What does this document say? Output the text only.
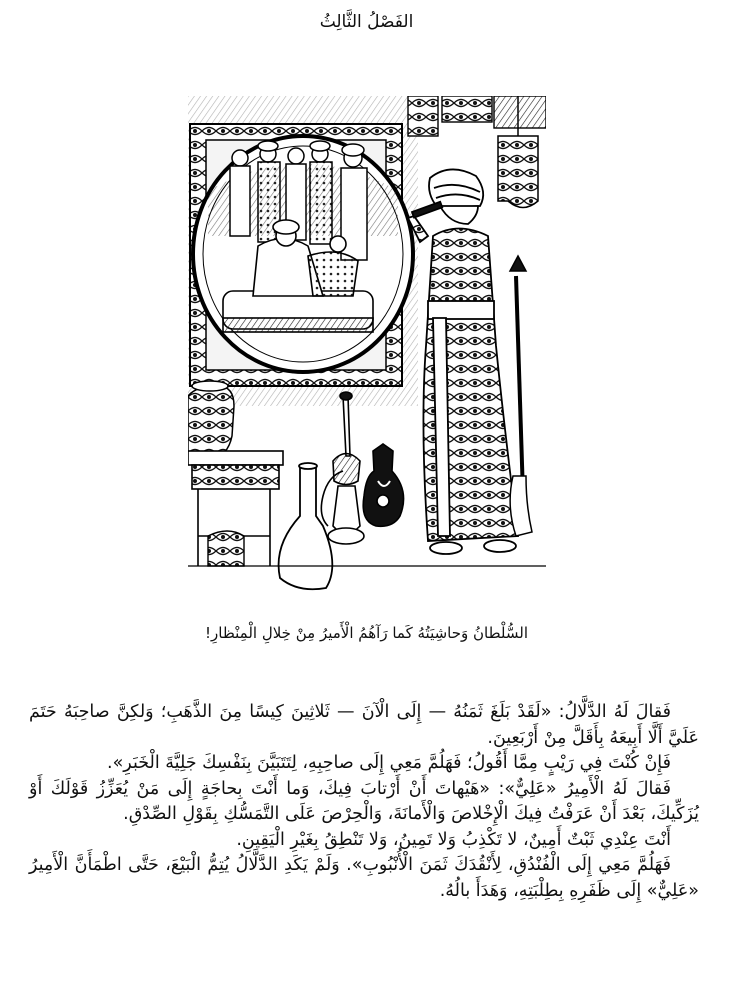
الفَصْلُ الثَّالِثُ
السُّلْطانُ وَحاشِيَتُهُ كَما رَآهُمُ الْأَميرُ مِنْ خِلالِ الْمِنْظارِ!

فَقالَ لَهُ الدَّلَّالُ: «لَقَدْ بَلَغَ ثَمَنُهُ — إِلَى الْآنَ — ثَلاثِينَ كِيسًا مِنَ الذَّهَبِ؛ وَلكِنَّ صاحِبَهُ حَتَمَ عَلَيَّ أَلَّا أَبِيعَهُ بِأَقَلَّ مِنْ أَرْبَعِينَ.

فَإِنْ كُنْتَ فِي رَيْبٍ مِمَّا أَقُولُ؛ فَهَلُمَّ مَعِي إِلَى صاحِبِهِ، لِتَتَبَيَّنَ بِنَفْسِكَ جَلِيَّةَ الْخَبَرِ».

فَقالَ لَهُ الْأَمِيرُ «عَلِيٌّ»: «هَيْهاتَ أَنْ أَرْتابَ فِيكَ، وَما أَنْتَ بِحاجَةٍ إِلَى مَنْ يُعَزِّزُ قَوْلَكَ أَوْ يُزَكِّيكَ، بَعْدَ أَنْ عَرَفْتُ فِيكَ الْإِخْلاصَ وَالْأَمانَةَ، وَالْحِرْصَ عَلَى التَّمَسُّكِ بِقَوْلِ الصِّدْقِ.

أَنْتَ عِنْدِي ثَبْتٌ أَمِينٌ، لا تَكْذِبُ وَلا تَمِينُ، وَلا تَنْطِقُ بِغَيْرِ الْيَقِينِ.

فَهَلُمَّ مَعِي إِلَى الْفُنْدُقِ، لِأَنْقُدَكَ ثَمَنَ الْأُنْبُوبِ». وَلَمْ يَكَدِ الدَّلَّالُ يُتِمُّ الْبَيْعَ، حَتَّى اطْمَأَنَّ الْأَمِيرُ «عَلِيٌّ» إِلَى ظَفَرِهِ بِطِلْبَتِهِ، وَهَدَأَ بالُهُ.
